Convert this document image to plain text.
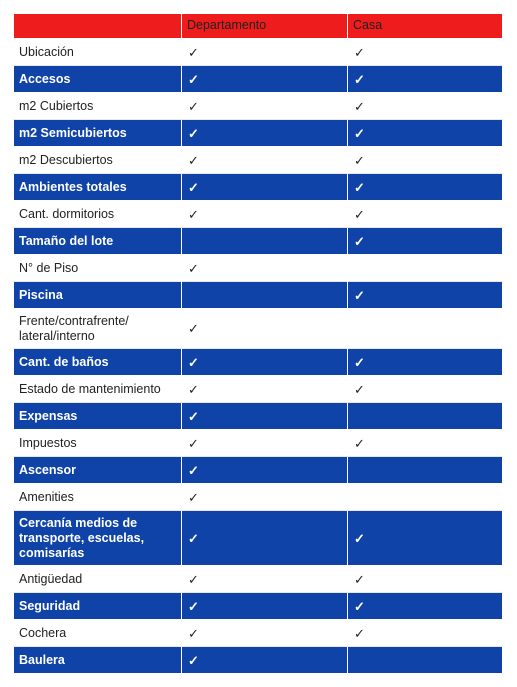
	Departamento	Casa
Ubicación	✓	✓
Accesos	✓	✓
m2 Cubiertos	✓	✓
m2 Semicubiertos	✓	✓
m2 Descubiertos	✓	✓
Ambientes totales	✓	✓
Cant. dormitorios	✓	✓
Tamaño del lote		✓
N° de Piso	✓	
Piscina		✓
Frente/contrafrente/ lateral/interno	✓	
Cant. de baños	✓	✓
Estado de mantenimiento	✓	✓
Expensas	✓	
Impuestos	✓	✓
Ascensor	✓	
Amenities	✓	
Cercanía medios de transporte, escuelas, comisarías	✓	✓
Antigüedad	✓	✓
Seguridad	✓	✓
Cochera	✓	✓
Baulera	✓	
